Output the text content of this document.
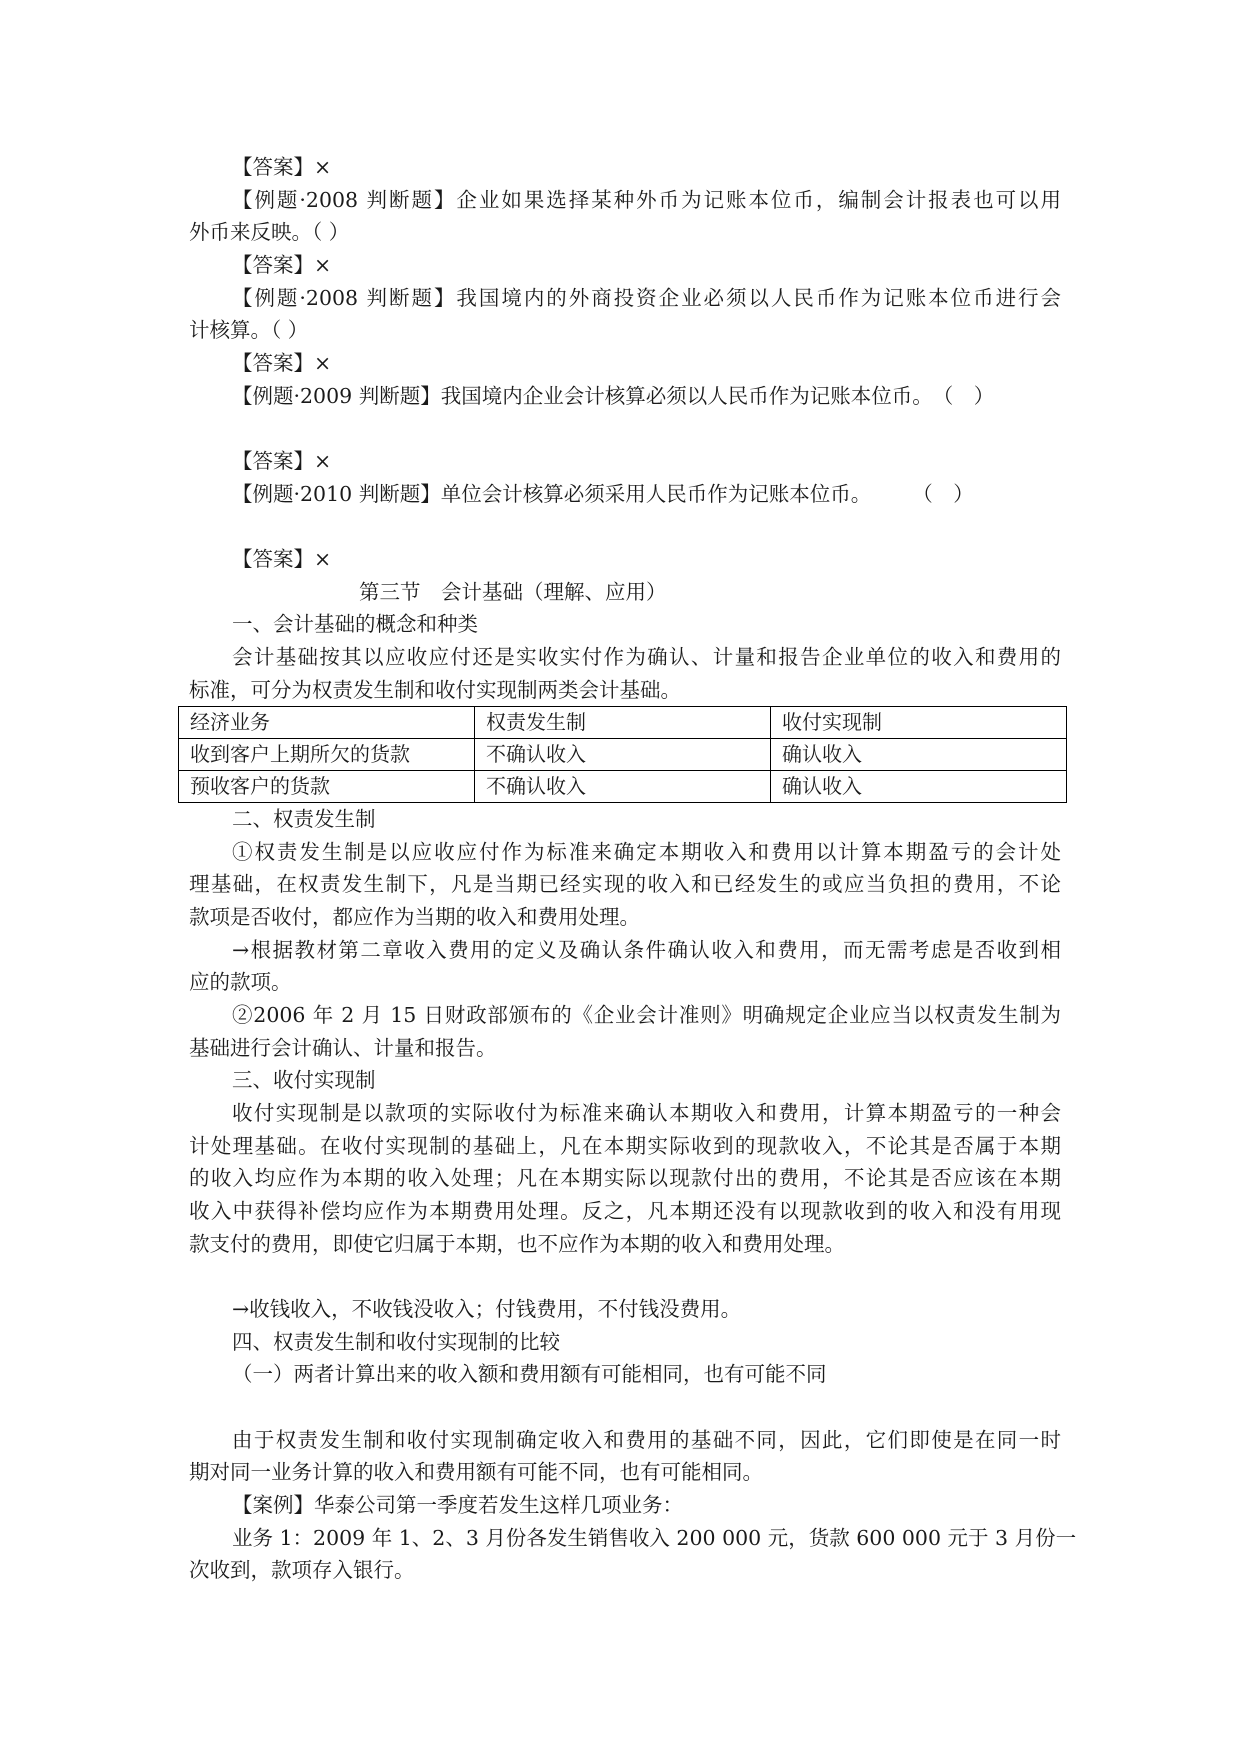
【答案】×
【例题·2008 判断题】企业如果选择某种外币为记账本位币，编制会计报表也可以用
外币来反映。（ ）
【答案】×
【例题·2008 判断题】我国境内的外商投资企业必须以人民币作为记账本位币进行会
计核算。（ ）
【答案】×
【例题·2009 判断题】我国境内企业会计核算必须以人民币作为记账本位币。　（　）
【答案】×
【例题·2010 判断题】单位会计核算必须采用人民币作为记账本位币。　　　（　）
【答案】×
第三节　会计基础（理解、应用）
一、会计基础的概念和种类
会计基础按其以应收应付还是实收实付作为确认、计量和报告企业单位的收入和费用的
标准，可分为权责发生制和收付实现制两类会计基础。
经济业务	权责发生制	收付实现制
收到客户上期所欠的货款	不确认收入	确认收入
预收客户的货款	不确认收入	确认收入
二、权责发生制
①权责发生制是以应收应付作为标准来确定本期收入和费用以计算本期盈亏的会计处
理基础，在权责发生制下，凡是当期已经实现的收入和已经发生的或应当负担的费用，不论
款项是否收付，都应作为当期的收入和费用处理。
→根据教材第二章收入费用的定义及确认条件确认收入和费用，而无需考虑是否收到相
应的款项。
②2006 年 2 月 15 日财政部颁布的《企业会计准则》明确规定企业应当以权责发生制为
基础进行会计确认、计量和报告。
三、收付实现制
收付实现制是以款项的实际收付为标准来确认本期收入和费用，计算本期盈亏的一种会
计处理基础。在收付实现制的基础上，凡在本期实际收到的现款收入，不论其是否属于本期
的收入均应作为本期的收入处理；凡在本期实际以现款付出的费用，不论其是否应该在本期
收入中获得补偿均应作为本期费用处理。反之，凡本期还没有以现款收到的收入和没有用现
款支付的费用，即使它归属于本期，也不应作为本期的收入和费用处理。
→收钱收入，不收钱没收入；付钱费用，不付钱没费用。
四、权责发生制和收付实现制的比较
（一）两者计算出来的收入额和费用额有可能相同，也有可能不同
由于权责发生制和收付实现制确定收入和费用的基础不同，因此，它们即使是在同一时
期对同一业务计算的收入和费用额有可能不同，也有可能相同。
【案例】华泰公司第一季度若发生这样几项业务：
业务 1：2009 年 1、2、3 月份各发生销售收入 200 000 元，货款 600 000 元于 3 月份一
次收到，款项存入银行。
